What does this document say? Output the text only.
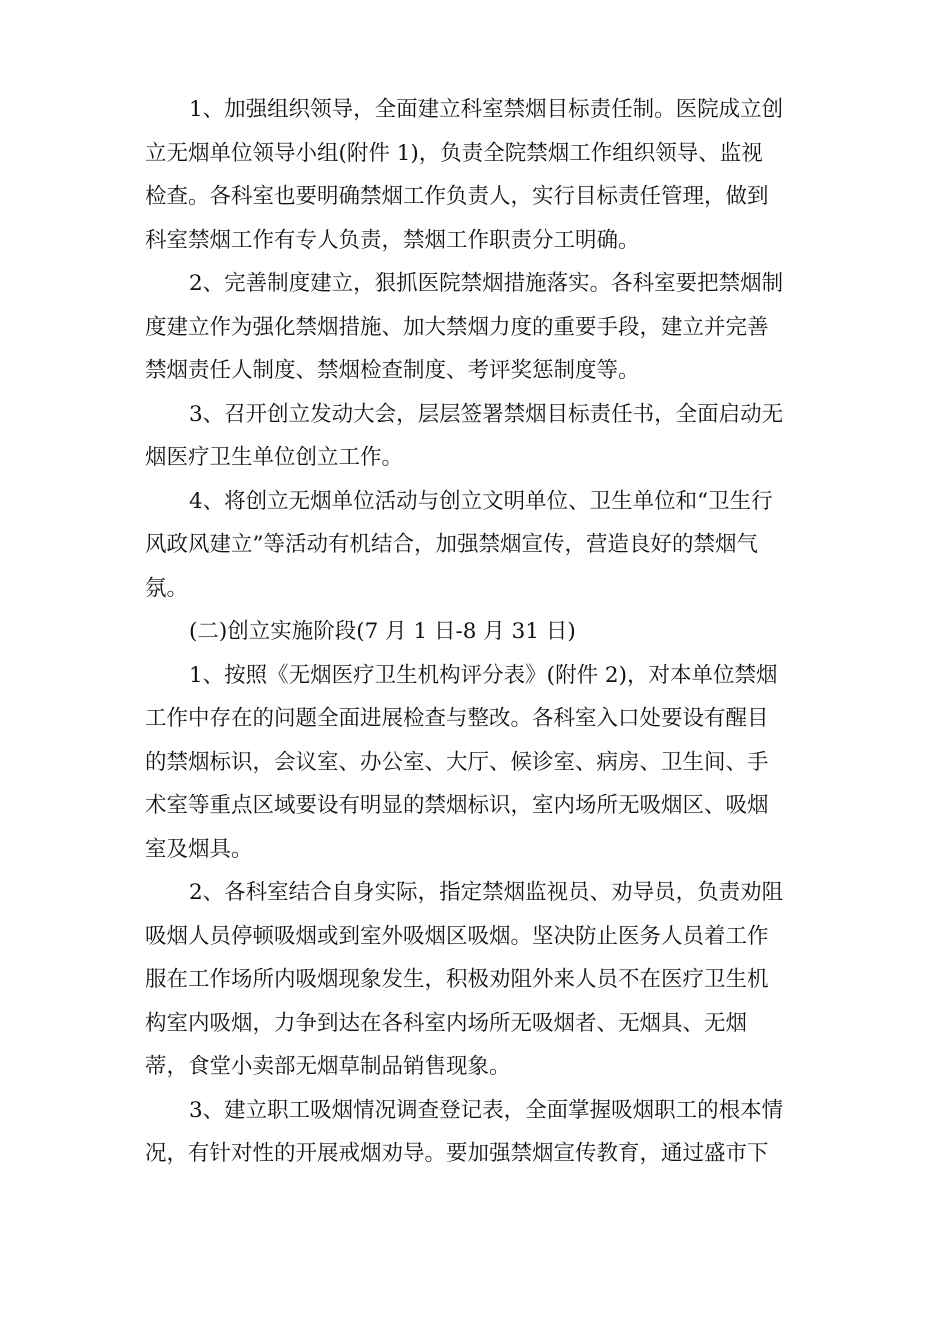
1、加强组织领导，全面建立科室禁烟目标责任制。医院成立创
立无烟单位领导小组(附件 1)，负责全院禁烟工作组织领导、监视
检查。各科室也要明确禁烟工作负责人，实行目标责任管理，做到
科室禁烟工作有专人负责，禁烟工作职责分工明确。

2、完善制度建立，狠抓医院禁烟措施落实。各科室要把禁烟制
度建立作为强化禁烟措施、加大禁烟力度的重要手段，建立并完善
禁烟责任人制度、禁烟检查制度、考评奖惩制度等。

3、召开创立发动大会，层层签署禁烟目标责任书，全面启动无
烟医疗卫生单位创立工作。

4、将创立无烟单位活动与创立文明单位、卫生单位和“卫生行
风政风建立”等活动有机结合，加强禁烟宣传，营造良好的禁烟气
氛。

(二)创立实施阶段(7 月 1 日-8 月 31 日)

1、按照《无烟医疗卫生机构评分表》(附件 2)，对本单位禁烟
工作中存在的问题全面进展检查与整改。各科室入口处要设有醒目
的禁烟标识，会议室、办公室、大厅、候诊室、病房、卫生间、手
术室等重点区域要设有明显的禁烟标识，室内场所无吸烟区、吸烟
室及烟具。

2、各科室结合自身实际，指定禁烟监视员、劝导员，负责劝阻
吸烟人员停顿吸烟或到室外吸烟区吸烟。坚决防止医务人员着工作
服在工作场所内吸烟现象发生，积极劝阻外来人员不在医疗卫生机
构室内吸烟，力争到达在各科室内场所无吸烟者、无烟具、无烟
蒂，食堂小卖部无烟草制品销售现象。

3、建立职工吸烟情况调查登记表，全面掌握吸烟职工的根本情
况，有针对性的开展戒烟劝导。要加强禁烟宣传教育，通过盛市下
